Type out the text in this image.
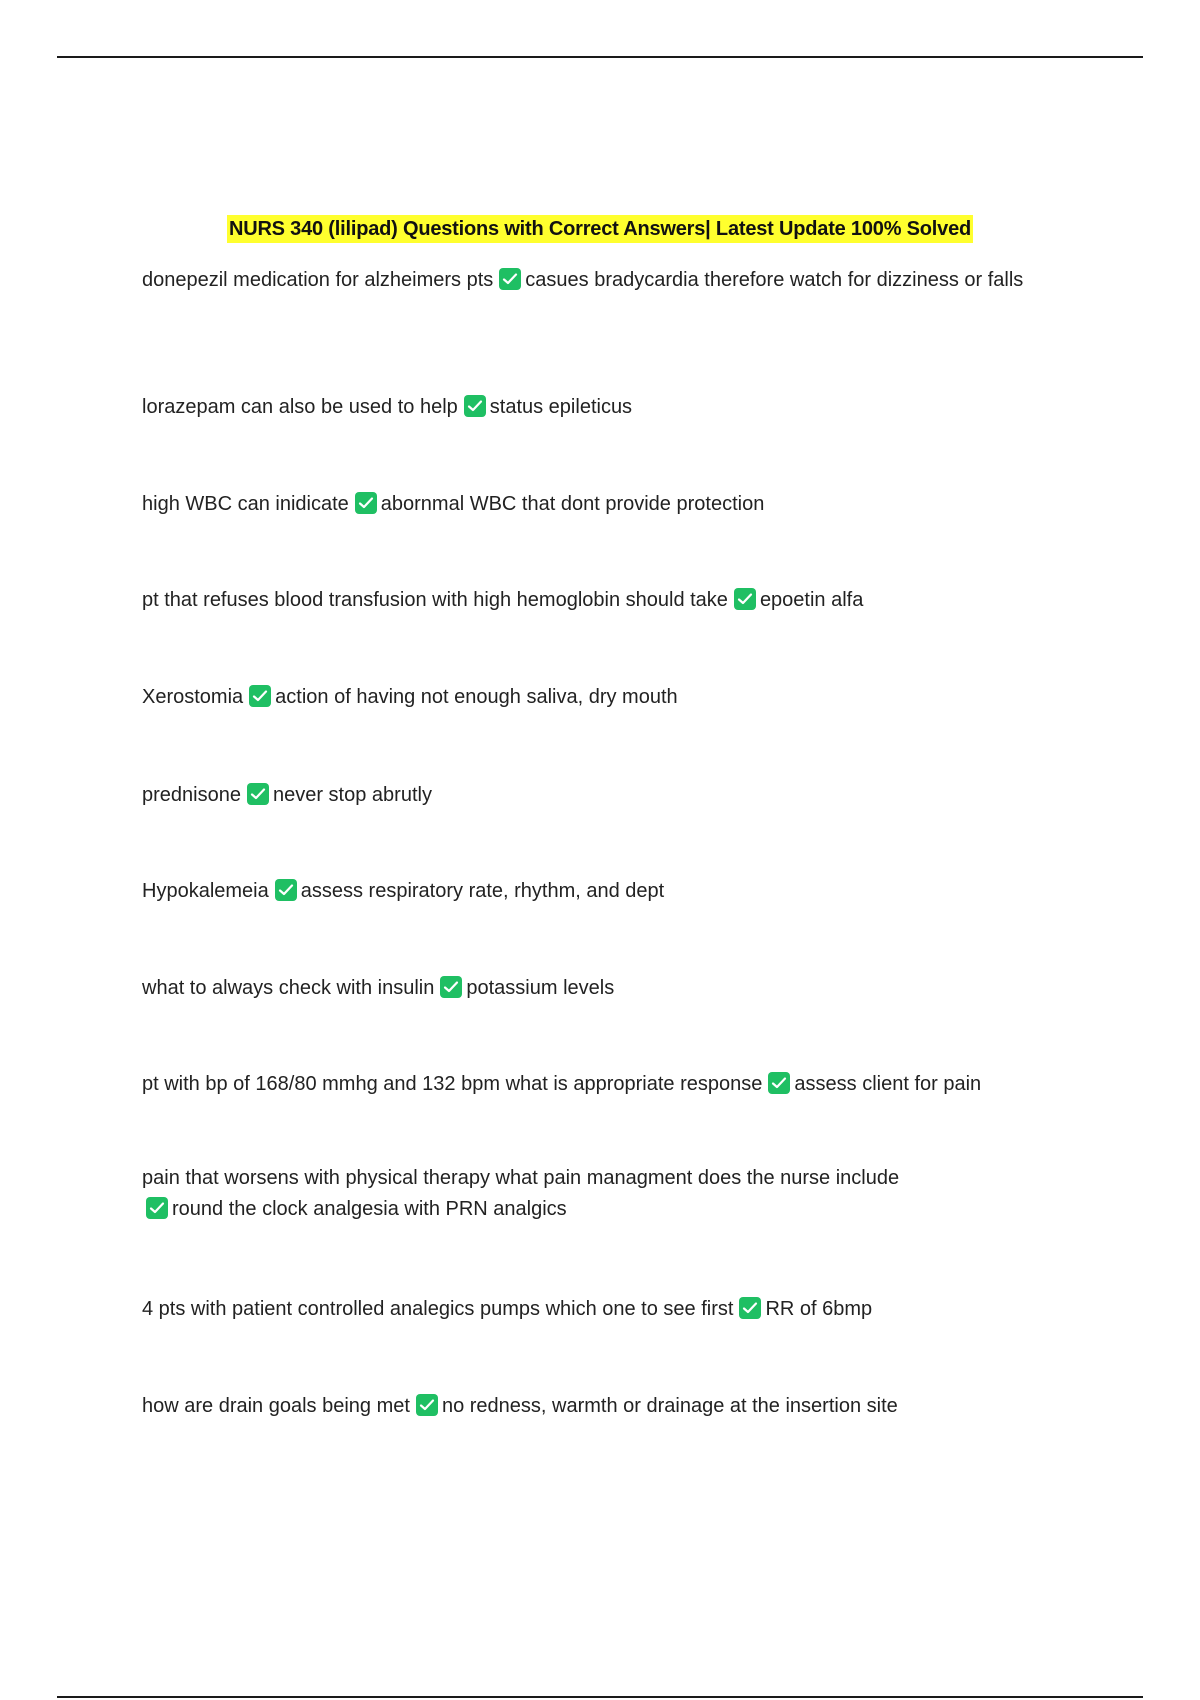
NURS 340 (lilipad) Questions with Correct Answers| Latest Update 100% Solved
donepezil medication for alzheimers pts casues bradycardia therefore watch for dizziness or falls
lorazepam can also be used to help status epileticus
high WBC can inidicate abornmal WBC that dont provide protection
pt that refuses blood transfusion with high hemoglobin should take epoetin alfa
Xerostomia action of having not enough saliva, dry mouth
prednisone never stop abrutly
Hypokalemeia assess respiratory rate, rhythm, and dept
what to always check with insulin potassium levels
pt with bp of 168/80 mmhg and 132 bpm what is appropriate response assess client for pain
pain that worsens with physical therapy what pain managment does the nurse include

round the clock analgesia with PRN analgics
4 pts with patient controlled analegics pumps which one to see first RR of 6bmp
how are drain goals being met no redness, warmth or drainage at the insertion site
